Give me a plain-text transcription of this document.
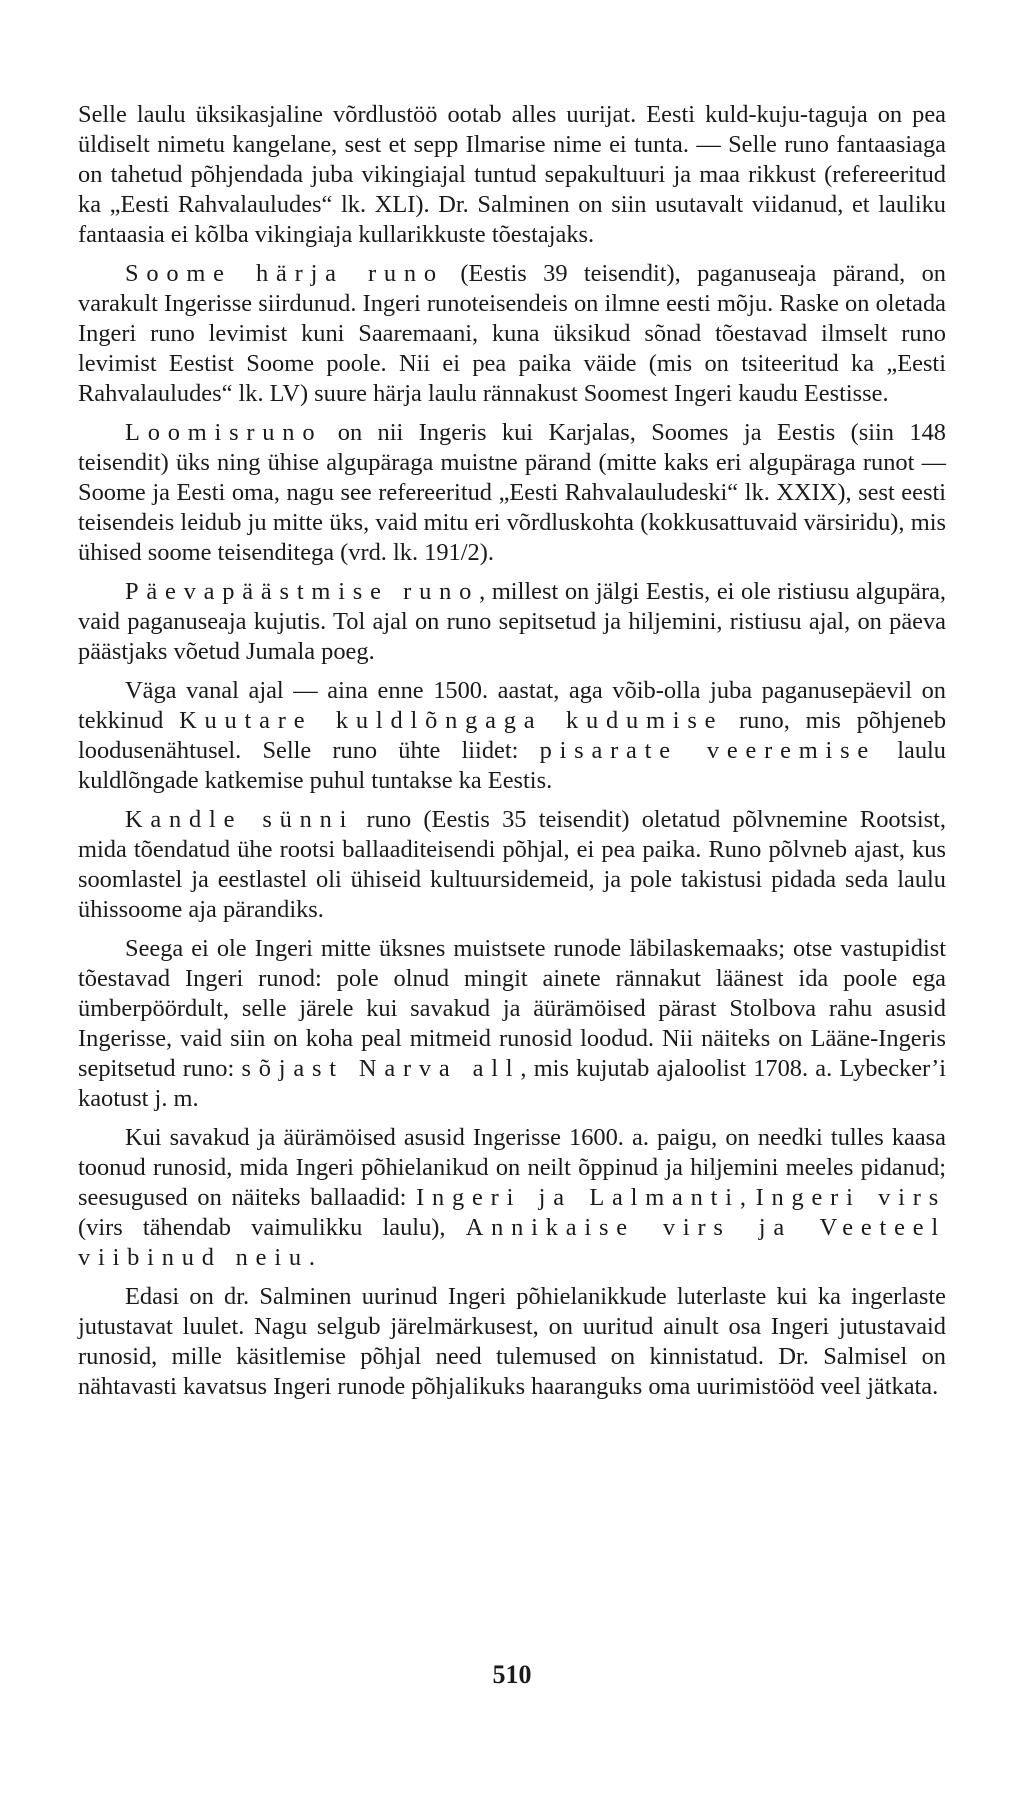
Selle laulu üksikasjaline võrdlustöö ootab alles uurijat. Eesti kuld-kuju-taguja on pea üldiselt nimetu kangelane, sest et sepp Ilmarise nime ei tunta. — Selle runo fantaasiaga on tahetud põhjendada juba vikingiajal tuntud sepakultuuri ja maa rikkust (refereeritud ka „Eesti Rahvalauludes“ lk. XLI). Dr. Salminen on siin usutavalt viidanud, et lauliku fantaasia ei kõlba vikingiaja kullarikkuste tõestajaks.

Soome härja runo (Eestis 39 teisendit), paganuseaja pärand, on varakult Ingerisse siirdunud. Ingeri runoteisendeis on ilmne eesti mõju. Raske on oletada Ingeri runo levimist kuni Saaremaani, kuna üksikud sõnad tõestavad ilmselt runo levimist Eestist Soome poole. Nii ei pea paika väide (mis on tsiteeritud ka „Eesti Rahvalauludes“ lk. LV) suure härja laulu rännakust Soomest Ingeri kaudu Eestisse.

Loomisruno on nii Ingeris kui Karjalas, Soomes ja Eestis (siin 148 teisendit) üks ning ühise algupäraga muistne pärand (mitte kaks eri algupäraga runot — Soome ja Eesti oma, nagu see refereeritud „Eesti Rahvalauludeski“ lk. XXIX), sest eesti teisendeis leidub ju mitte üks, vaid mitu eri võrdluskohta (kokkusattuvaid värsiridu), mis ühised soome teisenditega (vrd. lk. 191/2).

Päevapäästmise runo, millest on jälgi Eestis, ei ole ristiusu algupära, vaid paganuseaja kujutis. Tol ajal on runo sepitsetud ja hiljemini, ristiusu ajal, on päeva päästjaks võetud Jumala poeg.

Väga vanal ajal — aina enne 1500. aastat, aga võib-olla juba paganusepäevil on tekkinud Kuutare kuldlõngaga kudumise runo, mis põhjeneb loodusenähtusel. Selle runo ühte liidet: pisarate veeremise laulu kuldlõngade katkemise puhul tuntakse ka Eestis.

Kandle sünni runo (Eestis 35 teisendit) oletatud põlvnemine Rootsist, mida tõendatud ühe rootsi ballaaditeisendi põhjal, ei pea paika. Runo põlvneb ajast, kus soomlastel ja eestlastel oli ühiseid kultuursidemeid, ja pole takistusi pidada seda laulu ühissoome aja pärandiks.

Seega ei ole Ingeri mitte üksnes muistsete runode läbilaskemaaks; otse vastupidist tõestavad Ingeri runod: pole olnud mingit ainete rännakut läänest ida poole ega ümberpöördult, selle järele kui savakud ja äürämöised pärast Stolbova rahu asusid Ingerisse, vaid siin on koha peal mitmeid runosid loodud. Nii näiteks on Lääne-Ingeris sepitsetud runo: sõjast Narva all, mis kujutab ajaloolist 1708. a. Lybecker’i kaotust j. m.

Kui savakud ja äürämöised asusid Ingerisse 1600. a. paigu, on needki tulles kaasa toonud runosid, mida Ingeri põhielanikud on neilt õppinud ja hiljemini meeles pidanud; seesugused on näiteks ballaadid: Ingeri ja Lalmanti, Ingeri virs (virs tähendab vaimulikku laulu), Annikaise virs ja Veeteel viibinud neiu.

Edasi on dr. Salminen uurinud Ingeri põhielanikkude luterlaste kui ka ingerlaste jutustavat luulet. Nagu selgub järelmärkusest, on uuritud ainult osa Ingeri jutustavaid runosid, mille käsitlemise põhjal need tulemused on kinnistatud. Dr. Salmisel on nähtavasti kavatsus Ingeri runode põhjalikuks haaranguks oma uurimistööd veel jätkata.

510
